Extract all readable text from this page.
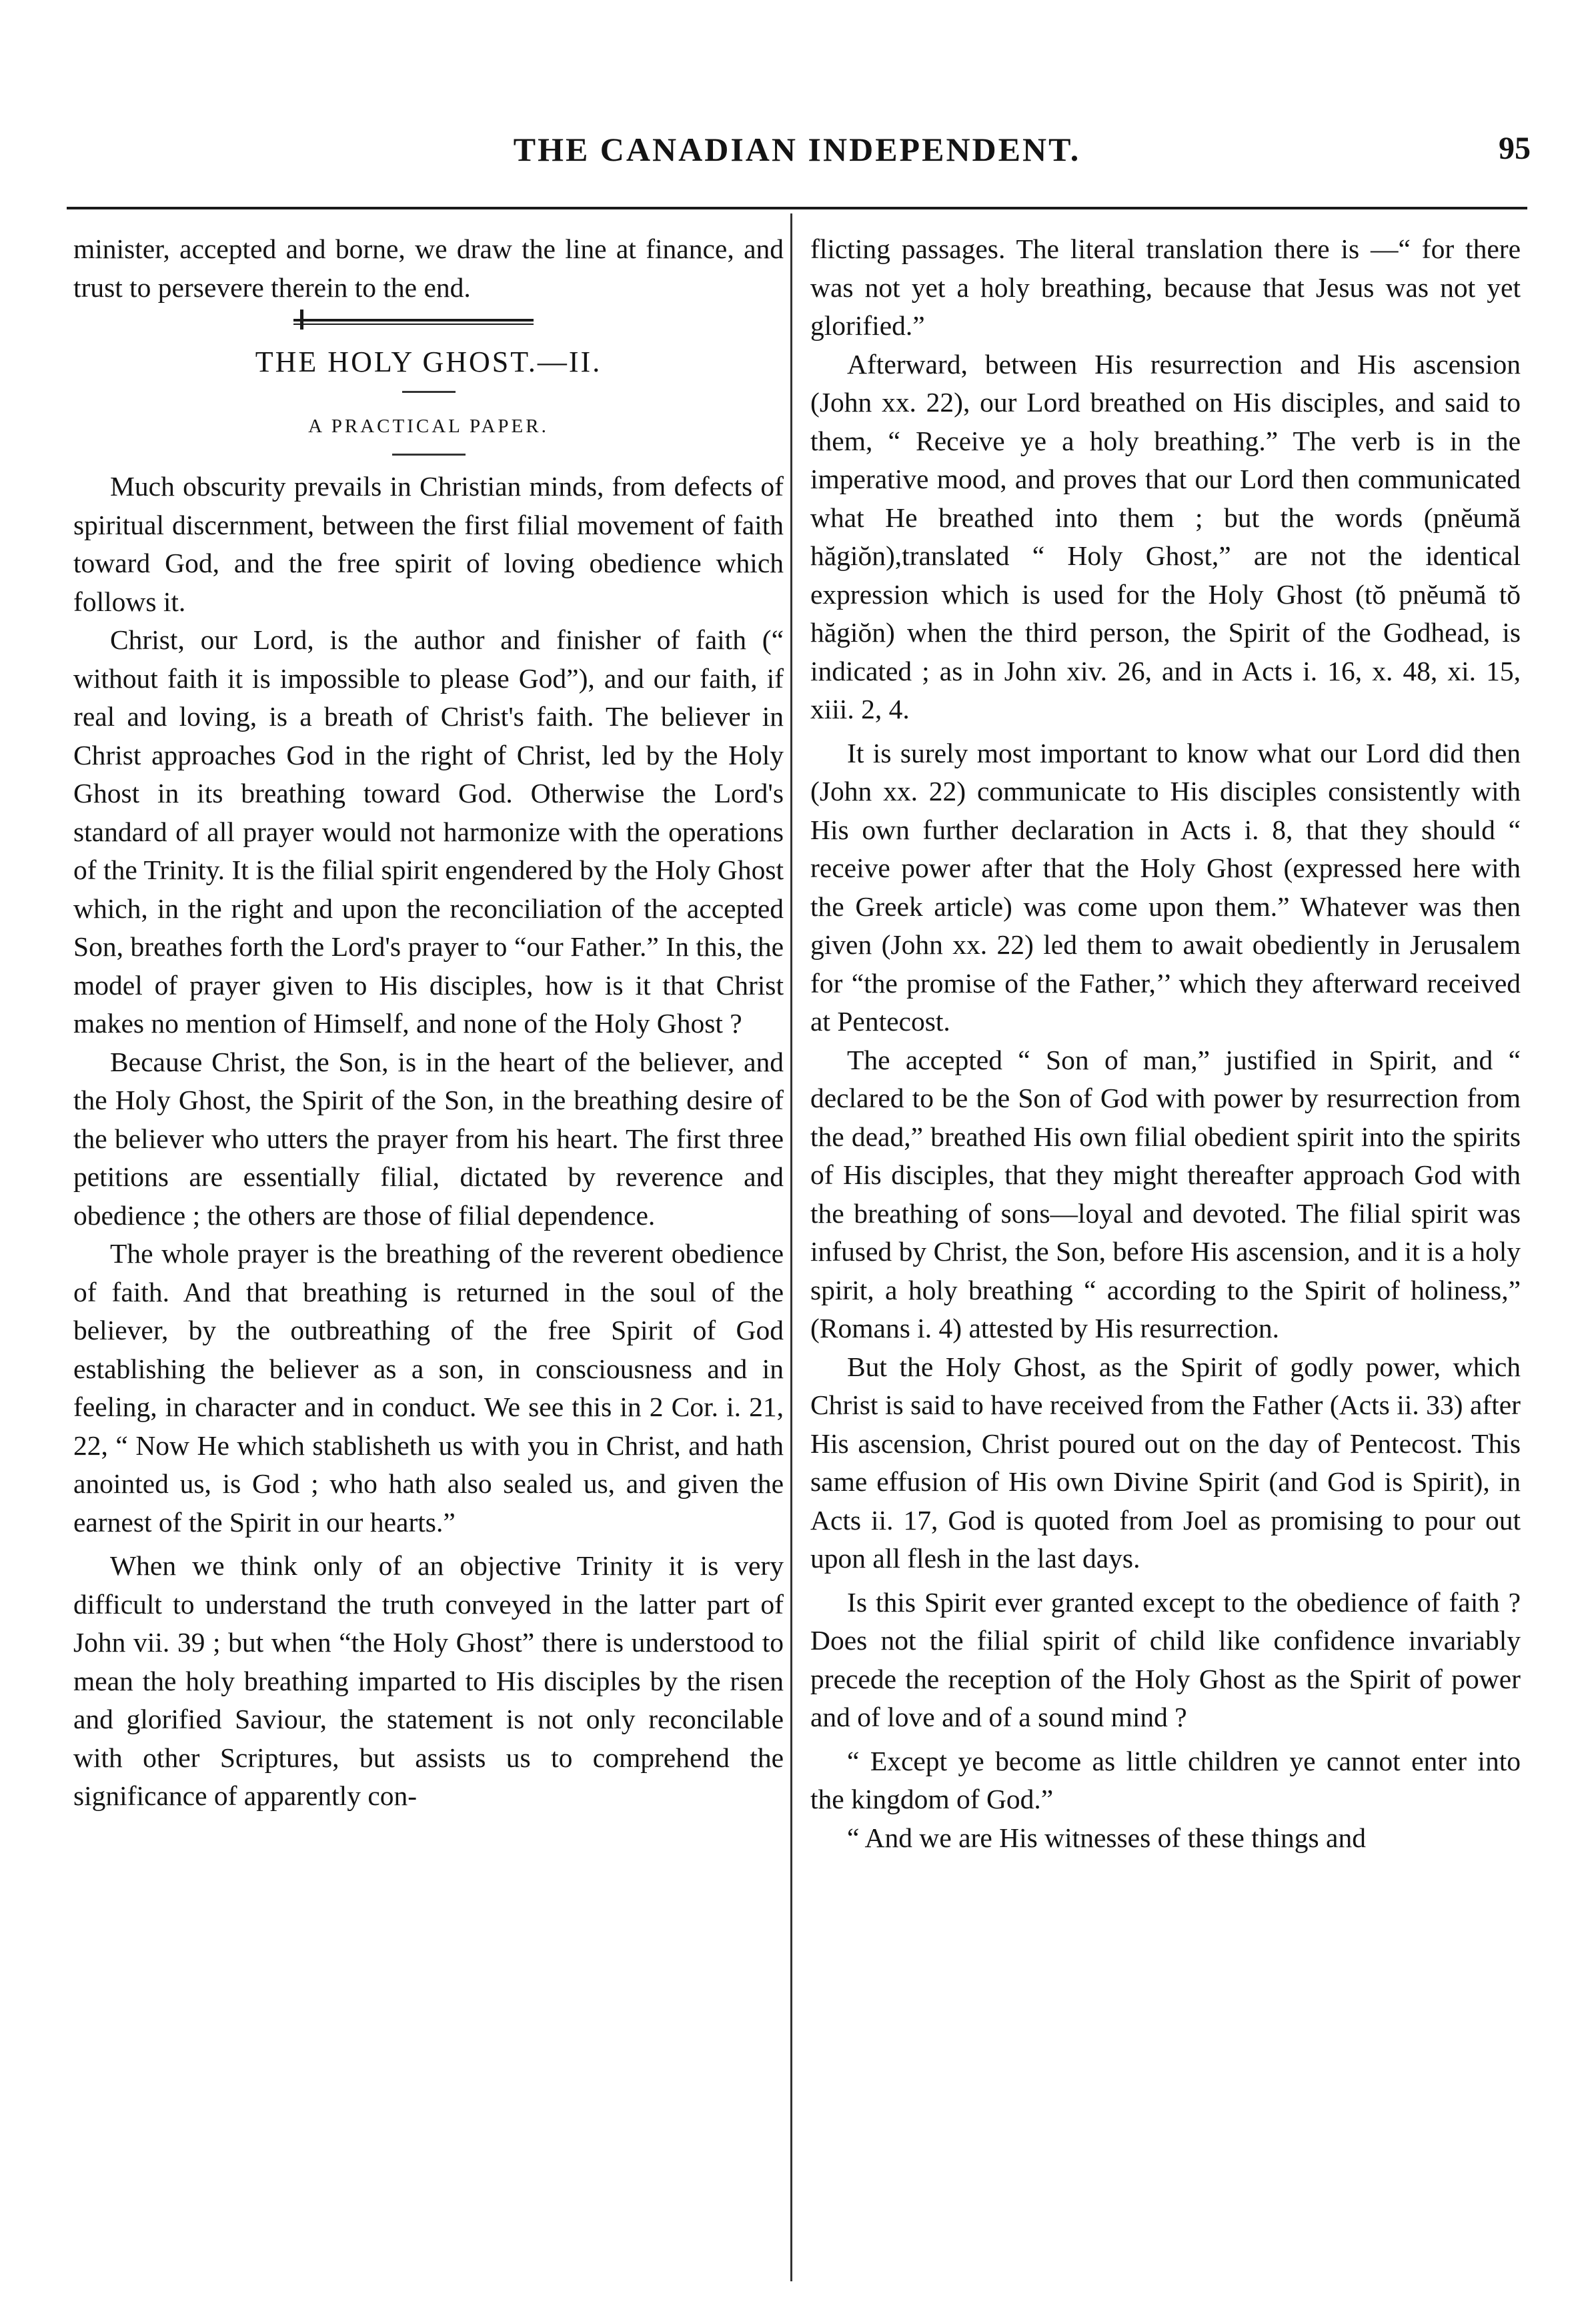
THE CANADIAN INDEPENDENT.	95

minister, accepted and borne, we draw the line at finance, and trust to persevere therein to the end.

THE HOLY GHOST.—II.

A PRACTICAL PAPER.

Much obscurity prevails in Christian minds, from defects of spiritual discernment, between the first filial movement of faith toward God, and the free spirit of loving obedience which follows it.

Christ, our Lord, is the author and finisher of faith (“ without faith it is impossible to please God”), and our faith, if real and loving, is a breath of Christ's faith. The believer in Christ approaches God in the right of Christ, led by the Holy Ghost in its breathing toward God. Otherwise the Lord's standard of all prayer would not harmonize with the operations of the Trinity. It is the filial spirit engendered by the Holy Ghost which, in the right and upon the reconciliation of the accepted Son, breathes forth the Lord's prayer to “our Father.” In this, the model of prayer given to His disciples, how is it that Christ makes no mention of Himself, and none of the Holy Ghost ?

Because Christ, the Son, is in the heart of the believer, and the Holy Ghost, the Spirit of the Son, in the breathing desire of the believer who utters the prayer from his heart. The first three petitions are essentially filial, dictated by reverence and obedience ; the others are those of filial dependence.

The whole prayer is the breathing of the reverent obedience of faith. And that breathing is returned in the soul of the believer, by the outbreathing of the free Spirit of God establishing the believer as a son, in consciousness and in feeling, in character and in conduct. We see this in 2 Cor. i. 21, 22, “ Now He which stablisheth us with you in Christ, and hath anointed us, is God ; who hath also sealed us, and given the earnest of the Spirit in our hearts.”

When we think only of an objective Trinity it is very difficult to understand the truth conveyed in the latter part of John vii. 39 ; but when “the Holy Ghost” there is understood to mean the holy breathing imparted to His disciples by the risen and glorified Saviour, the statement is not only reconcilable with other Scriptures, but assists us to comprehend the significance of apparently con-

flicting passages. The literal translation there is —“ for there was not yet a holy breathing, because that Jesus was not yet glorified.”

Afterward, between His resurrection and His ascension (John xx. 22), our Lord breathed on His disciples, and said to them, “ Receive ye a holy breathing.” The verb is in the imperative mood, and proves that our Lord then communicated what He breathed into them ; but the words (pnĕumă hăgiŏn),translated “ Holy Ghost,” are not the identical expression which is used for the Holy Ghost (tŏ pnĕumă tŏ hăgiŏn) when the third person, the Spirit of the Godhead, is indicated ; as in John xiv. 26, and in Acts i. 16, x. 48, xi. 15, xiii. 2, 4.

It is surely most important to know what our Lord did then (John xx. 22) communicate to His disciples consistently with His own further declaration in Acts i. 8, that they should “ receive power after that the Holy Ghost (expressed here with the Greek article) was come upon them.” Whatever was then given (John xx. 22) led them to await obediently in Jerusalem for “the promise of the Father,’’ which they afterward received at Pentecost.

The accepted “ Son of man,” justified in Spirit, and “ declared to be the Son of God with power by resurrection from the dead,” breathed His own filial obedient spirit into the spirits of His disciples, that they might thereafter approach God with the breathing of sons—loyal and devoted. The filial spirit was infused by Christ, the Son, before His ascension, and it is a holy spirit, a holy breathing “ according to the Spirit of holiness,” (Romans i. 4) attested by His resurrection.

But the Holy Ghost, as the Spirit of godly power, which Christ is said to have received from the Father (Acts ii. 33) after His ascension, Christ poured out on the day of Pentecost. This same effusion of His own Divine Spirit (and God is Spirit), in Acts ii. 17, God is quoted from Joel as promising to pour out upon all flesh in the last days.

Is this Spirit ever granted except to the obedience of faith ? Does not the filial spirit of child like confidence invariably precede the reception of the Holy Ghost as the Spirit of power and of love and of a sound mind ?

“ Except ye become as little children ye cannot enter into the kingdom of God.”

“ And we are His witnesses of these things and
